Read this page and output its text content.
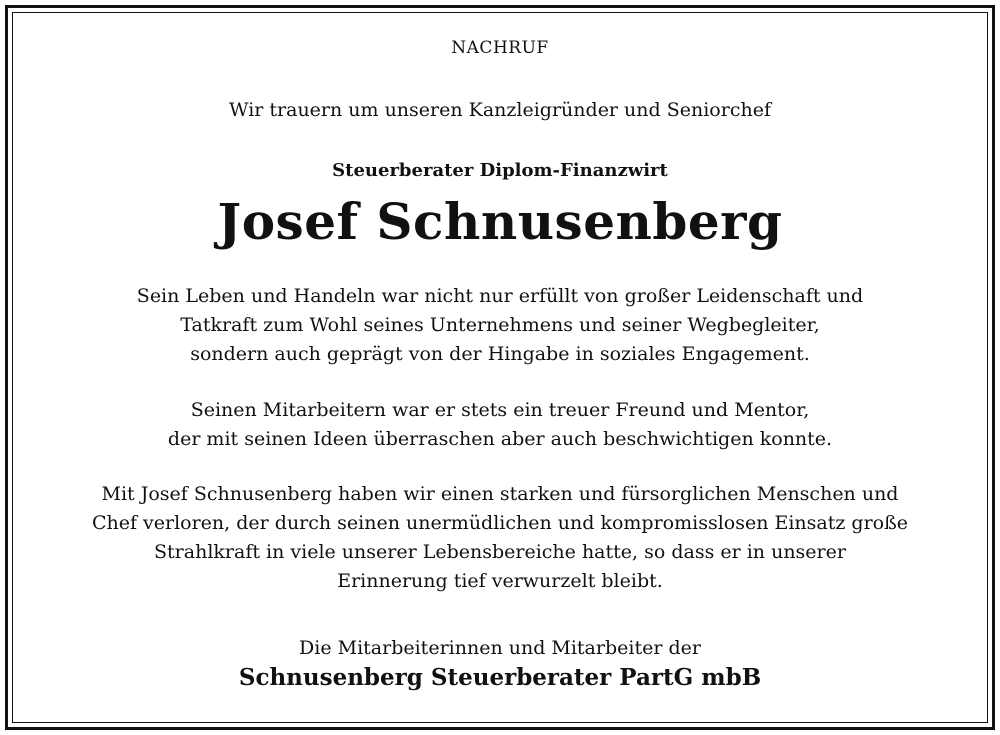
NACHRUF
Wir trauern um unseren Kanzleigründer und Seniorchef
Steuerberater Diplom-Finanzwirt
Josef Schnusenberg
Sein Leben und Handeln war nicht nur erfüllt von großer Leidenschaft und
Tatkraft zum Wohl seines Unternehmens und seiner Wegbegleiter,
sondern auch geprägt von der Hingabe in soziales Engagement.
Seinen Mitarbeitern war er stets ein treuer Freund und Mentor,
der mit seinen Ideen überraschen aber auch beschwichtigen konnte.
Mit Josef Schnusenberg haben wir einen starken und fürsorglichen Menschen und
Chef verloren, der durch seinen unermüdlichen und kompromisslosen Einsatz große
Strahlkraft in viele unserer Lebensbereiche hatte, so dass er in unserer
Erinnerung tief verwurzelt bleibt.
Die Mitarbeiterinnen und Mitarbeiter der
Schnusenberg Steuerberater PartG mbB
